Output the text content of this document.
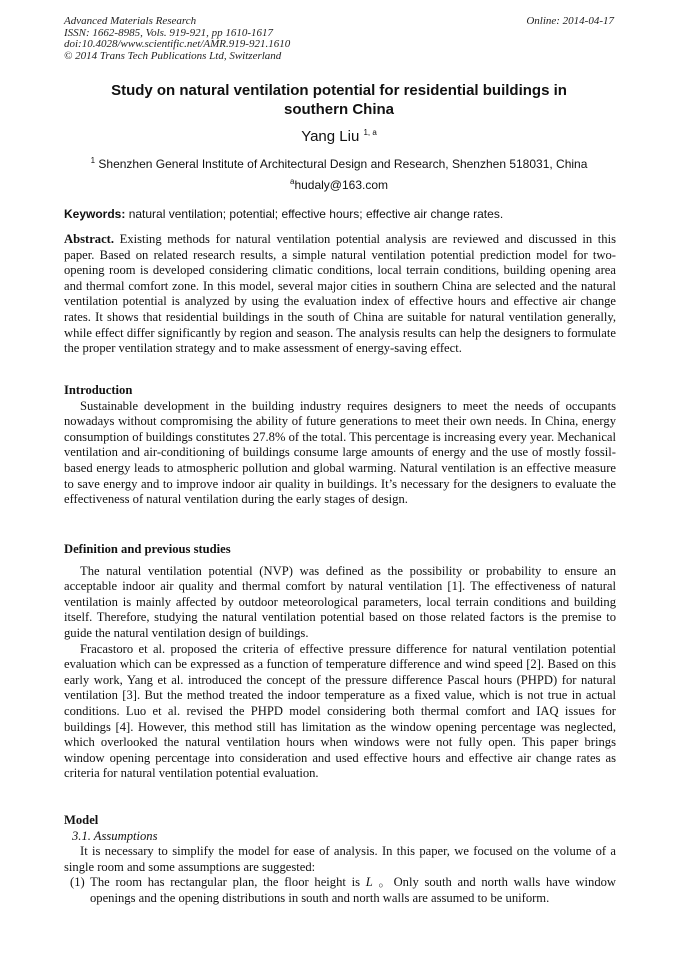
Advanced Materials Research
ISSN: 1662-8985, Vols. 919-921, pp 1610-1617
doi:10.4028/www.scientific.net/AMR.919-921.1610
© 2014 Trans Tech Publications Ltd, Switzerland
Online: 2014-04-17
Study on natural ventilation potential for residential buildings in southern China
Yang Liu $^{1, a}$
$^1$ Shenzhen General Institute of Architectural Design and Research, Shenzhen 518031, China
$^a$hudaly@163.com
Keywords: natural ventilation; potential; effective hours; effective air change rates.

Abstract. Existing methods for natural ventilation potential analysis are reviewed and discussed in this paper. Based on related research results, a simple natural ventilation potential prediction model for two-opening room is developed considering climatic conditions, local terrain conditions, building opening area and thermal comfort zone. In this model, several major cities in southern China are selected and the natural ventilation potential is analyzed by using the evaluation index of effective hours and effective air change rates. It shows that residential buildings in the south of China are suitable for natural ventilation generally, while effect differ significantly by region and season. The analysis results can help the designers to formulate the proper ventilation strategy and to make assessment of energy-saving effect.

Introduction

Sustainable development in the building industry requires designers to meet the needs of occupants nowadays without compromising the ability of future generations to meet their own needs. In China, energy consumption of buildings constitutes 27.8% of the total. This percentage is increasing every year. Mechanical ventilation and air-conditioning of buildings consume large amounts of energy and the use of mostly fossil-based energy leads to atmospheric pollution and global warming. Natural ventilation is an effective measure to save energy and to improve indoor air quality in buildings. It’s necessary for the designers to evaluate the effectiveness of natural ventilation during the early stages of design.

Definition and previous studies

The natural ventilation potential (NVP) was defined as the possibility or probability to ensure an acceptable indoor air quality and thermal comfort by natural ventilation [1]. The effectiveness of natural ventilation is mainly affected by outdoor meteorological parameters, local terrain conditions and building itself. Therefore, studying the natural ventilation potential based on those related factors is the premise to guide the natural ventilation design of buildings.

Fracastoro et al. proposed the criteria of effective pressure difference for natural ventilation potential evaluation which can be expressed as a function of temperature difference and wind speed [2]. Based on this early work, Yang et al. introduced the concept of the pressure difference Pascal hours (PHPD) for natural ventilation [3]. But the method treated the indoor temperature as a fixed value, which is not true in actual conditions. Luo et al. revised the PHPD model considering both thermal comfort and IAQ issues for buildings [4]. However, this method still has limitation as the window opening percentage was neglected, which overlooked the natural ventilation hours when windows were not fully open. This paper brings window opening percentage into consideration and used effective hours and effective air change rates as criteria for natural ventilation potential evaluation.

Model
3.1. Assumptions

It is necessary to simplify the model for ease of analysis. In this paper, we focused on the volume of a single room and some assumptions are suggested:

(1) The room has rectangular plan, the floor height is L 。Only south and north walls have window openings and the opening distributions in south and north walls are assumed to be uniform.
